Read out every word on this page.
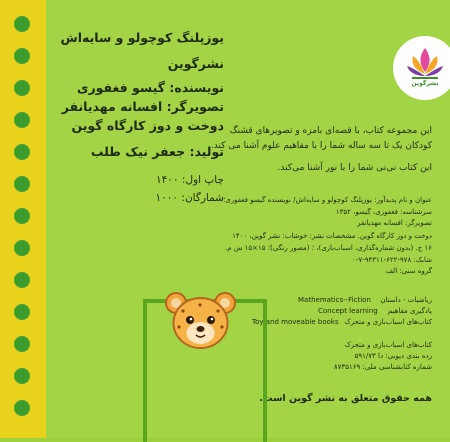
یوزپلنگ کوچولو و سایه‌اش
نشرگوین
نویسنده: گیسو فغفوری
تصویرگر: افسانه مهدیانفر
دوخت و دوز کارگاه گوین
تولید: جعفر نیک طلب
چاپ اول: ۱۴۰۰
شمارگان: ۱۰۰۰
نشرگوین
این مجموعه کتاب، با قصه‌ای بامزه و تصویرهای قشنگ
کودکان یک تا سه ساله شما را با مفاهیم علوم آشنا می کند.
این کتاب نی‌نی شما را با نور آشنا می‌کند.
عنوان و نام پدیدآور: یوزپلنگ کوچولو و سایه‌اش/ نویسنده گیسو فغفوری؛
سرشناسه: فغفوری، گیسو، ۱۳۵۲
تصویرگر: افسانه مهدیانفر
دوخت و دوز کارگاه گوین. مشخصات نشر: خوشاب: نشر گوین، ۱۴۰۰
۱۶ ج. (بدون شماره‌گذاری، اسباب‌بازی)، ؛ (مصور رنگی)؛ ۱۵×۱۵ س م.
شابک: ۹۷۸-۶۲۲-۹۴۳۱۱-۷-۰
گروه سنی: الف
ریاضیات - داستان
Mathematics--Fiction
یادگیری مفاهیم
Concept learning
کتاب‌های اسباب‌بازی و متحرک
Toy and moveable books
کتاب‌های اسباب‌بازی و متحرک
رده بندی دیویی: دا ۵۹۱/۷۳
شماره کتابشناسی ملی: ۸۷۳۵۱۶۹
همه حقوق متعلق به نشر گوین است.
